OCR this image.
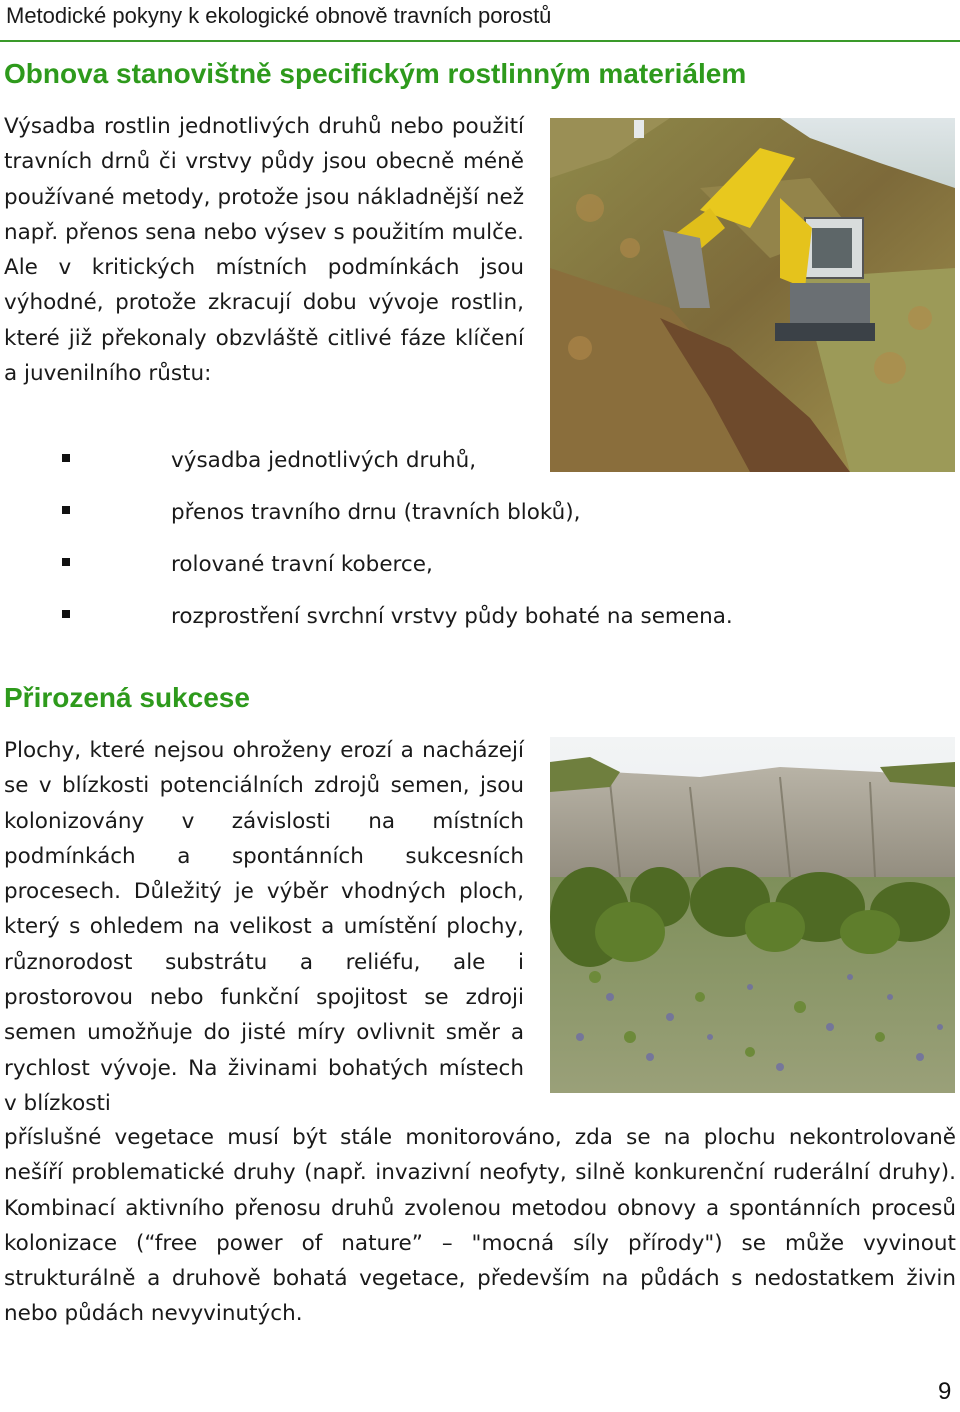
Metodické pokyny k ekologické obnově travních porostů
Obnova stanovištně specifickým rostlinným materiálem

Výsadba rostlin jednotlivých druhů nebo použití travních drnů či vrstvy půdy jsou obecně méně používané metody, protože jsou nákladnější než např. přenos sena nebo výsev s použitím mulče. Ale v kritických místních podmínkách jsou výhodné, protože zkracují dobu vývoje rostlin, které již překonaly obzvláště citlivé fáze klíčení a juvenilního růstu:

výsadba jednotlivých druhů,
přenos travního drnu (travních bloků),
rolované travní koberce,
rozprostření svrchní vrstvy půdy bohaté na semena.
Přirozená sukcese

Plochy, které nejsou ohroženy erozí a nacházejí se v blízkosti potenciálních zdrojů semen, jsou kolonizovány v závislosti na místních podmínkách a spontánních sukcesních procesech. Důležitý je výběr vhodných ploch, který s ohledem na velikost a umístění plochy, různorodost substrátu a reliéfu, ale i prostorovou nebo funkční spojitost se zdroji semen umožňuje do jisté míry ovlivnit směr a rychlost vývoje. Na živinami bohatých místech v blízkosti

příslušné vegetace musí být stále monitorováno, zda se na plochu nekontrolovaně nešíří problematické druhy (např. invazivní neofyty, silně konkurenční ruderální druhy). Kombinací aktivního přenosu druhů zvolenou metodou obnovy a spontánních procesů kolonizace (“free power of nature” – "mocná síly přírody") se může vyvinout strukturálně a druhově bohatá vegetace, především na půdách s nedostatkem živin nebo půdách nevyvinutých.

9
